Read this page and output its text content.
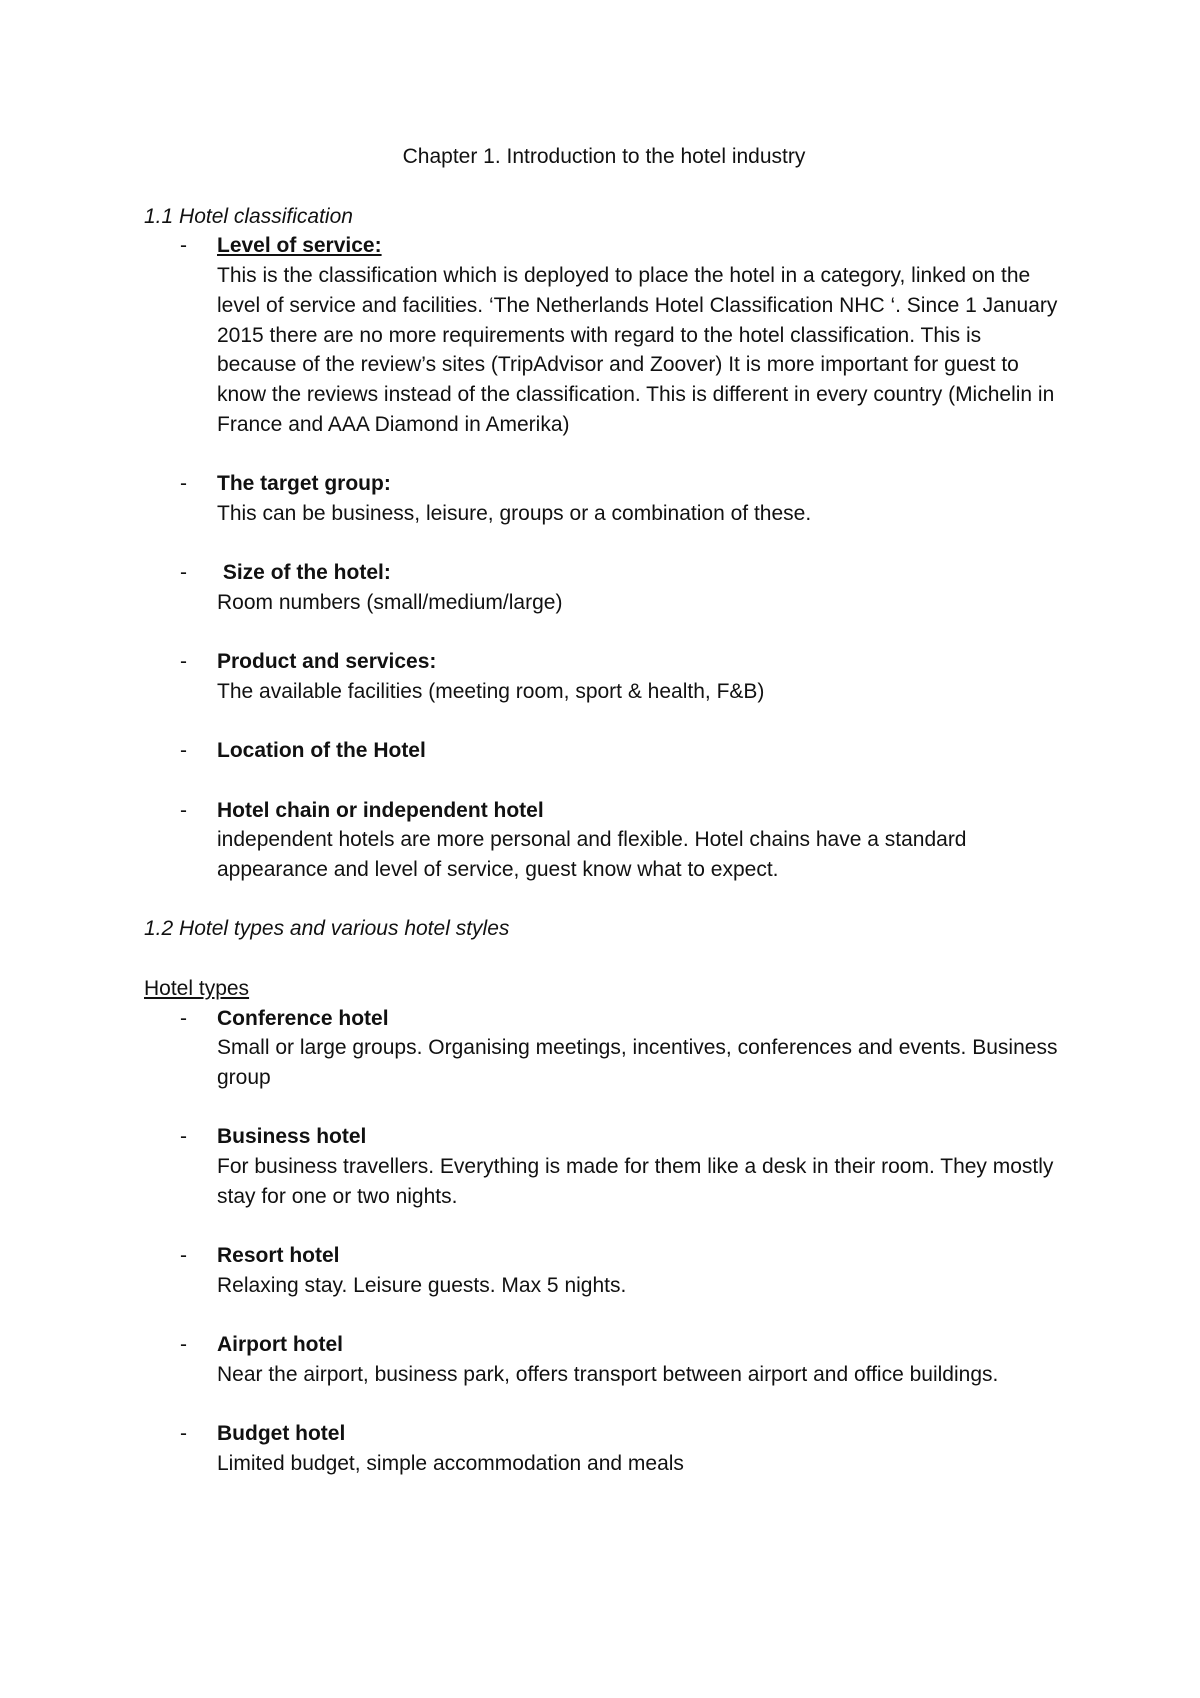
Chapter 1. Introduction to the hotel industry
1.1 Hotel classification
- Level of service:
This is the classification which is deployed to place the hotel in a category, linked on the level of service and facilities. ‘The Netherlands Hotel Classification NHC ‘. Since 1 January 2015 there are no more requirements with regard to the hotel classification. This is because of the review’s sites (TripAdvisor and Zoover) It is more important for guest to know the reviews instead of the classification. This is different in every country (Michelin in France and AAA Diamond in Amerika)
- The target group:
This can be business, leisure, groups or a combination of these.
- Size of the hotel:
Room numbers (small/medium/large)
- Product and services:
The available facilities (meeting room, sport & health, F&B)
- Location of the Hotel
- Hotel chain or independent hotel
independent hotels are more personal and flexible. Hotel chains have a standard appearance and level of service, guest know what to expect.
1.2 Hotel types and various hotel styles
Hotel types
- Conference hotel
Small or large groups. Organising meetings, incentives, conferences and events. Business group
- Business hotel
For business travellers. Everything is made for them like a desk in their room. They mostly stay for one or two nights.
- Resort hotel
Relaxing stay. Leisure guests. Max 5 nights.
- Airport hotel
Near the airport, business park, offers transport between airport and office buildings.
- Budget hotel
Limited budget, simple accommodation and meals
